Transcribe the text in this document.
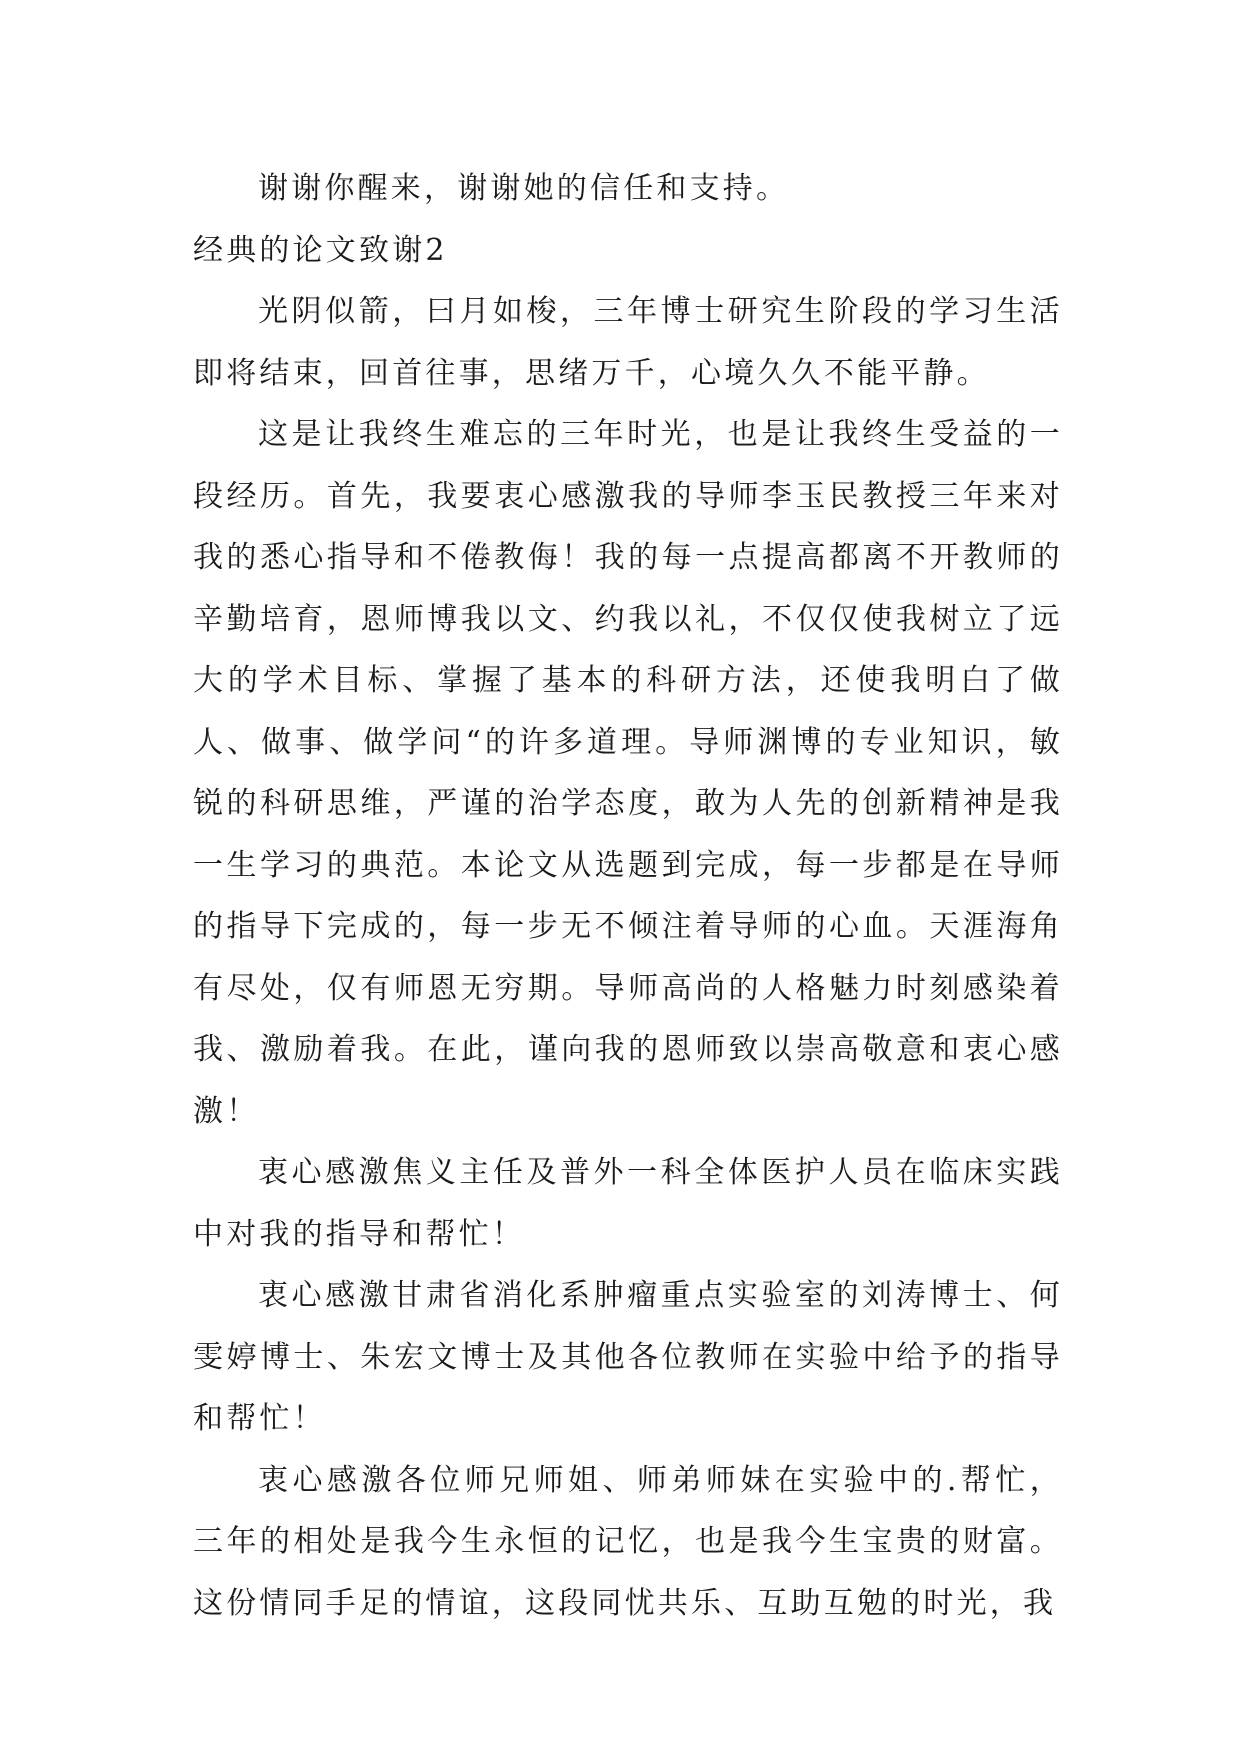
谢谢你醒来，谢谢她的信任和支持。

经典的论文致谢2

光阴似箭，曰月如梭，三年博士研究生阶段的学习生活即将结束，回首往事，思绪万千，心境久久不能平静。

这是让我终生难忘的三年时光，也是让我终生受益的一段经历。首先，我要衷心感激我的导师李玉民教授三年来对我的悉心指导和不倦教侮！我的每一点提高都离不开教师的辛勤培育，恩师博我以文、约我以礼，不仅仅使我树立了远大的学术目标、掌握了基本的科研方法，还使我明白了做人、做事、做学问“的许多道理。导师渊博的专业知识，敏锐的科研思维，严谨的治学态度，敢为人先的创新精神是我一生学习的典范。本论文从选题到完成，每一步都是在导师的指导下完成的，每一步无不倾注着导师的心血。天涯海角有尽处，仅有师恩无穷期。导师高尚的人格魅力时刻感染着我、激励着我。在此，谨向我的恩师致以崇高敬意和衷心感激！

衷心感激焦义主任及普外一科全体医护人员在临床实践中对我的指导和帮忙！

衷心感激甘肃省消化系肿瘤重点实验室的刘涛博士、何雯婷博士、朱宏文博士及其他各位教师在实验中给予的指导和帮忙！

衷心感激各位师兄师姐、师弟师妹在实验中的.帮忙，三年的相处是我今生永恒的记忆，也是我今生宝贵的财富。这份情同手足的情谊，这段同忧共乐、互助互勉的时光，我
